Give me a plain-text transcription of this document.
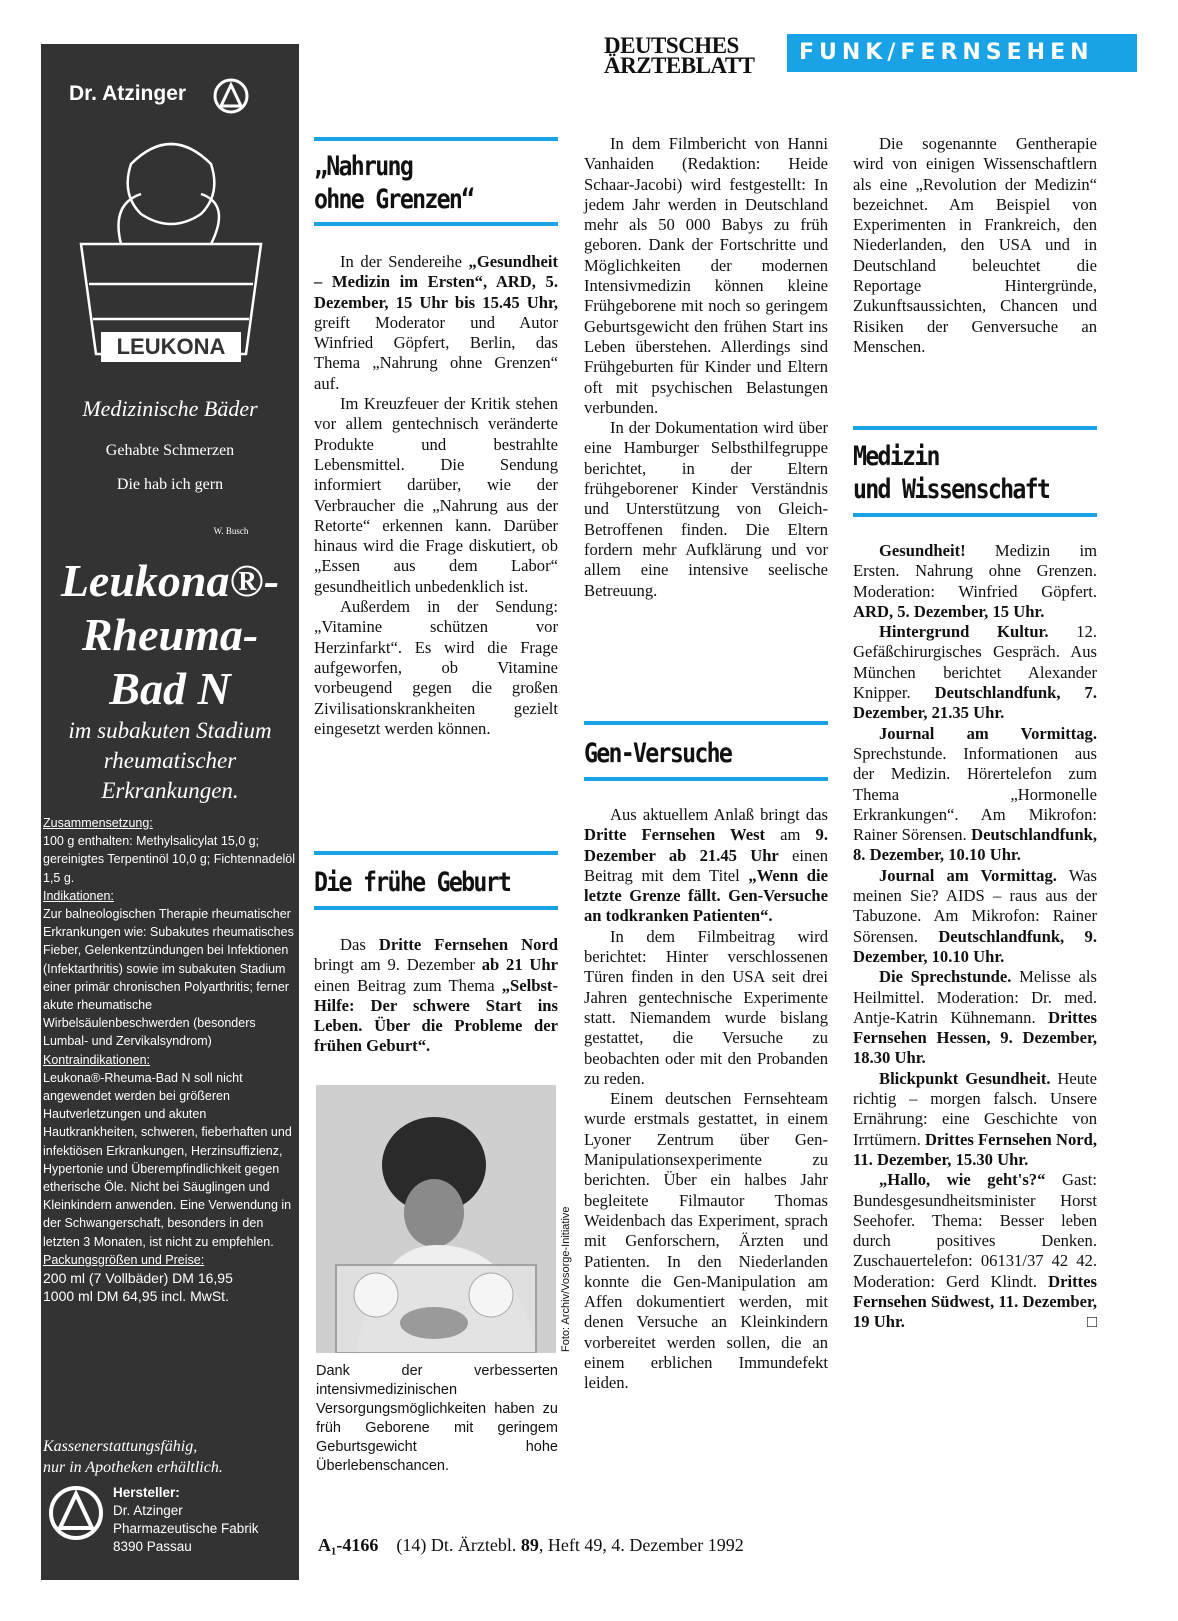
DEUTSCHES
ÄRZTEBLATT
FUNK/FERNSEHEN
Dr. Atzinger
LEUKONA
Medizinische Bäder
Gehabte Schmerzen
Die hab ich gern
W. Busch
Leukona®-
Rheuma-
Bad N
im subakuten Stadium
rheumatischer
Erkrankungen.
Zusammensetzung:
100 g enthalten: Methylsalicylat 15,0 g; gereinigtes Terpentinöl 10,0 g; Fichtennadelöl 1,5 g.
Indikationen:
Zur balneologischen Therapie rheumatischer Erkrankungen wie: Subakutes rheumatisches Fieber, Gelenkentzündungen bei Infektionen (Infektarthritis) sowie im subakuten Stadium einer primär chronischen Polyarthritis; ferner akute rheumatische Wirbelsäulenbeschwerden (besonders Lumbal- und Zervikalsyndrom)
Kontraindikationen:
Leukona®-Rheuma-Bad N soll nicht angewendet werden bei größeren Hautverletzungen und akuten Hautkrankheiten, schweren, fieberhaften und infektiösen Erkrankungen, Herzinsuffizienz, Hypertonie und Überempfindlichkeit gegen etherische Öle. Nicht bei Säuglingen und Kleinkindern anwenden. Eine Verwendung in der Schwangerschaft, besonders in den letzten 3 Monaten, ist nicht zu empfehlen.
Packungsgrößen und Preise:
200 ml (7 Vollbäder) DM 16,95
1000 ml DM 64,95 incl. MwSt.
Kassenerstattungsfähig,
nur in Apotheken erhältlich.
Hersteller:
Dr. Atzinger
Pharmazeutische Fabrik
8390 Passau
„Nahrung
ohne Grenzen“

In der Sendereihe „Gesundheit – Medizin im Ersten“, ARD, 5. Dezember, 15 Uhr bis 15.45 Uhr, greift Moderator und Autor Winfried Göpfert, Berlin, das Thema „Nahrung ohne Grenzen“ auf.

Im Kreuzfeuer der Kritik stehen vor allem gentechnisch veränderte Produkte und bestrahlte Lebensmittel. Die Sendung informiert darüber, wie der Verbraucher die „Nahrung aus der Retorte“ erkennen kann. Darüber hinaus wird die Frage diskutiert, ob „Essen aus dem Labor“ gesundheitlich unbedenklich ist.

Außerdem in der Sendung: „Vitamine schützen vor Herzinfarkt“. Es wird die Frage aufgeworfen, ob Vitamine vorbeugend gegen die großen Zivilisationskrankheiten gezielt eingesetzt werden können.

Die frühe Geburt

Das Dritte Fernsehen Nord bringt am 9. Dezember ab 21 Uhr einen Beitrag zum Thema „Selbst-Hilfe: Der schwere Start ins Leben. Über die Probleme der frühen Geburt“.

Foto: Archiv/Vosorge-Initiative
Dank der verbesserten intensivmedizinischen Versorgungsmöglichkeiten haben zu früh Geborene mit geringem Geburtsgewicht hohe Überlebenschancen.

In dem Filmbericht von Hanni Vanhaiden (Redaktion: Heide Schaar-Jacobi) wird festgestellt: In jedem Jahr werden in Deutschland mehr als 50 000 Babys zu früh geboren. Dank der Fortschritte und Möglichkeiten der modernen Intensivmedizin können kleine Frühgeborene mit noch so geringem Geburtsgewicht den frühen Start ins Leben überstehen. Allerdings sind Frühgeburten für Kinder und Eltern oft mit psychischen Belastungen verbunden.

In der Dokumentation wird über eine Hamburger Selbsthilfegruppe berichtet, in der Eltern frühgeborener Kinder Verständnis und Unterstützung von Gleich-Betroffenen finden. Die Eltern fordern mehr Aufklärung und vor allem eine intensive seelische Betreuung.

Gen-Versuche

Aus aktuellem Anlaß bringt das Dritte Fernsehen West am 9. Dezember ab 21.45 Uhr einen Beitrag mit dem Titel „Wenn die letzte Grenze fällt. Gen-Versuche an todkranken Patienten“.

In dem Filmbeitrag wird berichtet: Hinter verschlossenen Türen finden in den USA seit drei Jahren gentechnische Experimente statt. Niemandem wurde bislang gestattet, die Versuche zu beobachten oder mit den Probanden zu reden.

Einem deutschen Fernsehteam wurde erstmals gestattet, in einem Lyoner Zentrum über Gen-Manipulationsexperimente zu berichten. Über ein halbes Jahr begleitete Filmautor Thomas Weidenbach das Experiment, sprach mit Genforschern, Ärzten und Patienten. In den Niederlanden konnte die Gen-Manipulation am Affen dokumentiert werden, mit denen Versuche an Kleinkindern vorbereitet werden sollen, die an einem erblichen Immundefekt leiden.

Die sogenannte Gentherapie wird von einigen Wissenschaftlern als eine „Revolution der Medizin“ bezeichnet. Am Beispiel von Experimenten in Frankreich, den Niederlanden, den USA und in Deutschland beleuchtet die Reportage Hintergründe, Zukunftsaussichten, Chancen und Risiken der Genversuche an Menschen.

Medizin
und Wissenschaft

Gesundheit! Medizin im Ersten. Nahrung ohne Grenzen. Moderation: Winfried Göpfert. ARD, 5. Dezember, 15 Uhr.

Hintergrund Kultur. 12. Gefäßchirurgisches Gespräch. Aus München berichtet Alexander Knipper. Deutschlandfunk, 7. Dezember, 21.35 Uhr.

Journal am Vormittag. Sprechstunde. Informationen aus der Medizin. Hörertelefon zum Thema „Hormonelle Erkrankungen“. Am Mikrofon: Rainer Sörensen. Deutschlandfunk, 8. Dezember, 10.10 Uhr.

Journal am Vormittag. Was meinen Sie? AIDS – raus aus der Tabuzone. Am Mikrofon: Rainer Sörensen. Deutschlandfunk, 9. Dezember, 10.10 Uhr.

Die Sprechstunde. Melisse als Heilmittel. Moderation: Dr. med. Antje-Katrin Kühnemann. Drittes Fernsehen Hessen, 9. Dezember, 18.30 Uhr.

Blickpunkt Gesundheit. Heute richtig – morgen falsch. Unsere Ernährung: eine Geschichte von Irrtümern. Drittes Fernsehen Nord, 11. Dezember, 15.30 Uhr.

„Hallo, wie geht's?“ Gast: Bundesgesundheitsminister Horst Seehofer. Thema: Besser leben durch positives Denken. Zuschauertelefon: 06131/37 42 42. Moderation: Gerd Klindt. Drittes Fernsehen Südwest, 11. Dezember, 19 Uhr.	□

A₁-4166 (14) Dt. Ärztebl. 89, Heft 49, 4. Dezember 1992
